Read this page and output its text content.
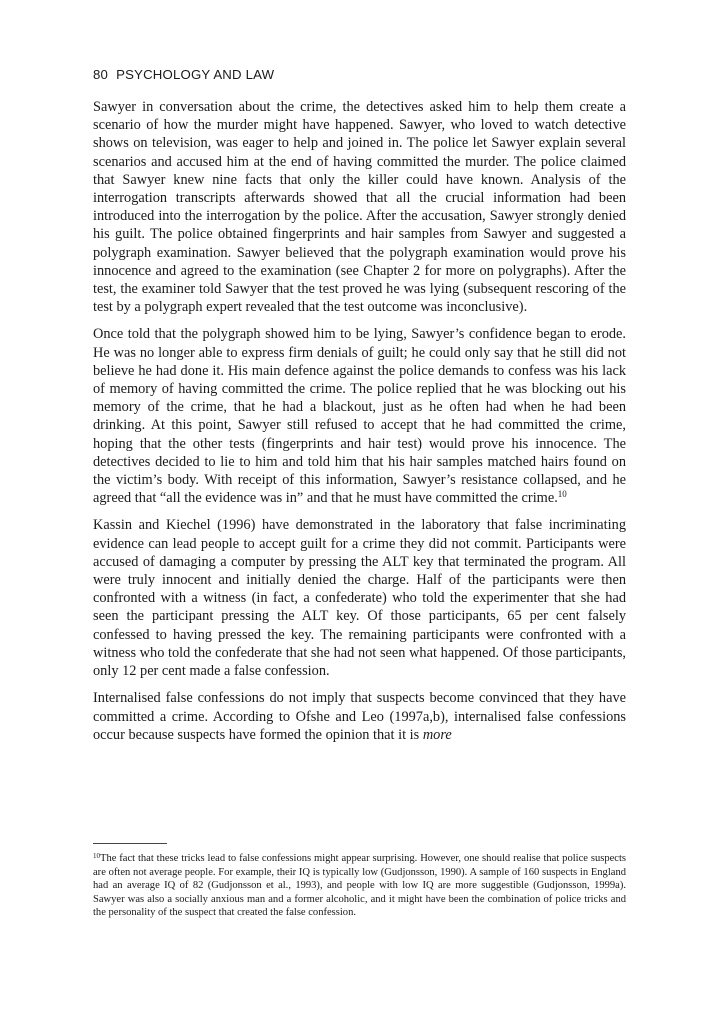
80 PSYCHOLOGY AND LAW

Sawyer in conversation about the crime, the detectives asked him to help them create a scenario of how the murder might have happened. Sawyer, who loved to watch detective shows on television, was eager to help and joined in. The police let Sawyer explain several scenarios and accused him at the end of having committed the murder. The police claimed that Sawyer knew nine facts that only the killer could have known. Analysis of the interrogation transcripts afterwards showed that all the crucial information had been introduced into the interrogation by the police. After the accusation, Sawyer strongly denied his guilt. The police obtained fingerprints and hair samples from Sawyer and suggested a polygraph examination. Sawyer believed that the polygraph examination would prove his innocence and agreed to the examination (see Chapter 2 for more on polygraphs). After the test, the examiner told Sawyer that the test proved he was lying (subsequent rescoring of the test by a polygraph expert revealed that the test outcome was inconclusive).

Once told that the polygraph showed him to be lying, Sawyer’s confidence began to erode. He was no longer able to express firm denials of guilt; he could only say that he still did not believe he had done it. His main defence against the police demands to confess was his lack of memory of having committed the crime. The police replied that he was blocking out his memory of the crime, that he had a blackout, just as he often had when he had been drinking. At this point, Sawyer still refused to accept that he had committed the crime, hoping that the other tests (fingerprints and hair test) would prove his innocence. The detectives decided to lie to him and told him that his hair samples matched hairs found on the victim’s body. With receipt of this information, Sawyer’s resistance collapsed, and he agreed that “all the evidence was in” and that he must have committed the crime.$^{10}$

Kassin and Kiechel (1996) have demonstrated in the laboratory that false incriminating evidence can lead people to accept guilt for a crime they did not commit. Participants were accused of damaging a computer by pressing the ALT key that terminated the program. All were truly innocent and initially denied the charge. Half of the participants were then confronted with a witness (in fact, a confederate) who told the experimenter that she had seen the participant pressing the ALT key. Of those participants, 65 per cent falsely confessed to having pressed the key. The remaining participants were confronted with a witness who told the confederate that she had not seen what happened. Of those participants, only 12 per cent made a false confession.

Internalised false confessions do not imply that suspects become convinced that they have committed a crime. According to Ofshe and Leo (1997a,b), internalised false confessions occur because suspects have formed the opinion that it is more

$^{10}$The fact that these tricks lead to false confessions might appear surprising. However, one should realise that police suspects are often not average people. For example, their IQ is typically low (Gudjonsson, 1990). A sample of 160 suspects in England had an average IQ of 82 (Gudjonsson et al., 1993), and people with low IQ are more suggestible (Gudjonsson, 1999a). Sawyer was also a socially anxious man and a former alcoholic, and it might have been the combination of police tricks and the personality of the suspect that created the false confession.
